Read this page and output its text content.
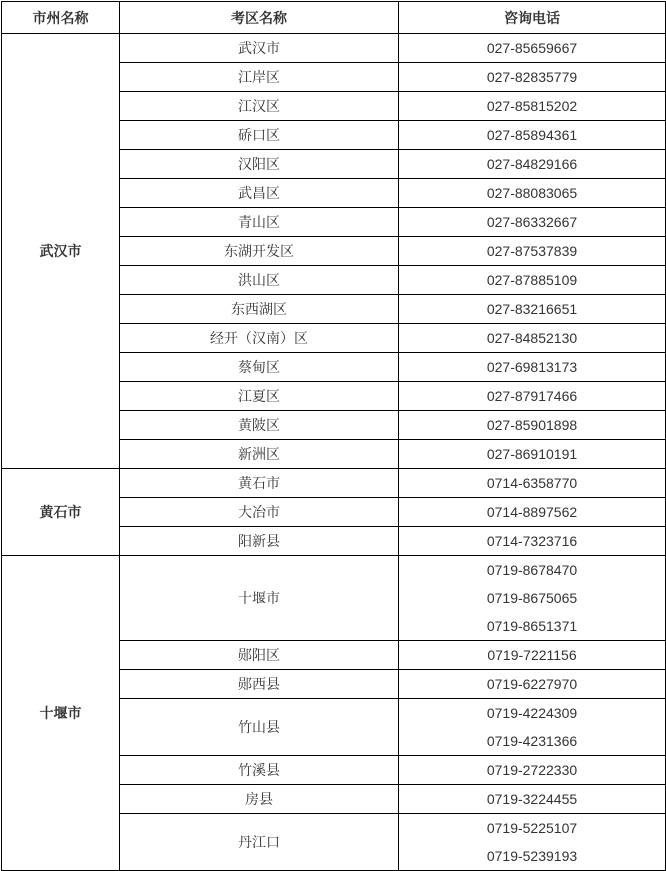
市州名称	考区名称	咨询电话
武汉市	武汉市	027-85659667

	江岸区	027-82835779

	江汉区	027-85815202

	硚口区	027-85894361

	汉阳区	027-84829166

	武昌区	027-88083065

	青山区	027-86332667

	东湖开发区	027-87537839

	洪山区	027-87885109

	东西湖区	027-83216651

	经开（汉南）区	027-84852130

	蔡甸区	027-69813173

	江夏区	027-87917466

	黄陂区	027-85901898

	新洲区	027-86910191

黄石市	黄石市	0714-6358770

	大冶市	0714-8897562

	阳新县	0714-7323716

十堰市	十堰市	0719-8678470
0719-8675065
0719-8651371

	郧阳区	0719-7221156

	郧西县	0719-6227970

	竹山县	0719-4224309
0719-4231366

	竹溪县	0719-2722330

	房县	0719-3224455

	丹江口	0719-5225107
0719-5239193
